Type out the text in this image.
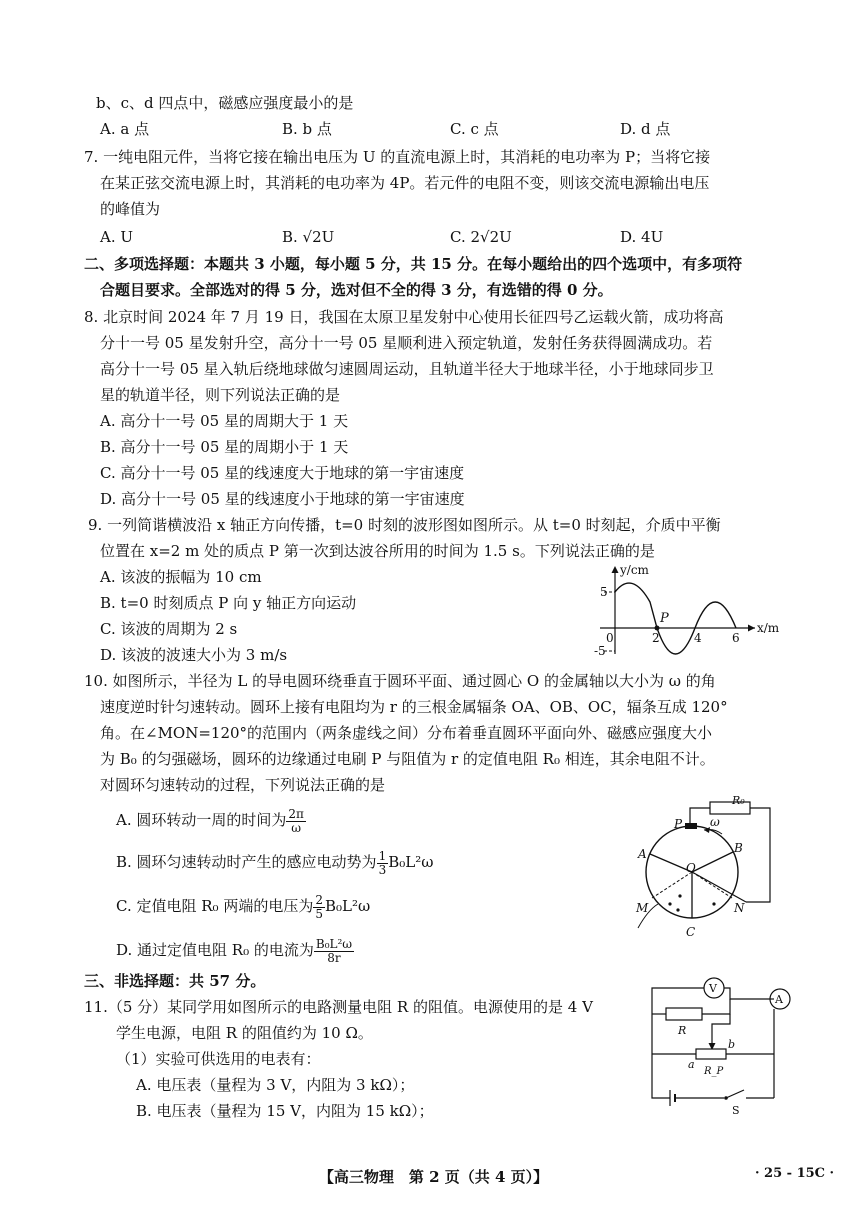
b、c、d 四点中，磁感应强度最小的是
A. a 点	B. b 点	C. c 点	D. d 点
7. 一纯电阻元件，当将它接在输出电压为 U 的直流电源上时，其消耗的电功率为 P；当将它接
在某正弦交流电源上时，其消耗的电功率为 4P。若元件的电阻不变，则该交流电源输出电压
的峰值为
A. U	B. √2U	C. 2√2U	D. 4U
二、多项选择题：本题共 3 小题，每小题 5 分，共 15 分。在每小题给出的四个选项中，有多项符
合题目要求。全部选对的得 5 分，选对但不全的得 3 分，有选错的得 0 分。
8. 北京时间 2024 年 7 月 19 日，我国在太原卫星发射中心使用长征四号乙运载火箭，成功将高
分十一号 05 星发射升空，高分十一号 05 星顺利进入预定轨道，发射任务获得圆满成功。若
高分十一号 05 星入轨后绕地球做匀速圆周运动，且轨道半径大于地球半径，小于地球同步卫
星的轨道半径，则下列说法正确的是
A. 高分十一号 05 星的周期大于 1 天
B. 高分十一号 05 星的周期小于 1 天
C. 高分十一号 05 星的线速度大于地球的第一宇宙速度
D. 高分十一号 05 星的线速度小于地球的第一宇宙速度
9. 一列简谐横波沿 x 轴正方向传播，t=0 时刻的波形图如图所示。从 t=0 时刻起，介质中平衡
位置在 x=2 m 处的质点 P 第一次到达波谷所用的时间为 1.5 s。下列说法正确的是
A. 该波的振幅为 10 cm
B. t=0 时刻质点 P 向 y 轴正方向运动
C. 该波的周期为 2 s
D. 该波的波速大小为 3 m/s
y/cm
x/m
5
-5
0	2	4	6
P
10. 如图所示，半径为 L 的导电圆环绕垂直于圆环平面、通过圆心 O 的金属轴以大小为 ω 的角
速度逆时针匀速转动。圆环上接有电阻均为 r 的三根金属辐条 OA、OB、OC，辐条互成 120°
角。在∠MON=120°的范围内（两条虚线之间）分布着垂直圆环平面向外、磁感应强度大小
为 B₀ 的匀强磁场，圆环的边缘通过电刷 P 与阻值为 r 的定值电阻 R₀ 相连，其余电阻不计。
对圆环匀速转动的过程，下列说法正确的是
A. 圆环转动一周的时间为 $\frac{2\pi}{\omega}$
B. 圆环匀速转动时产生的感应电动势为 $\frac{1}{3} B_0L^2\omega$
C. 定值电阻 R₀ 两端的电压为 $\frac{2}{5} B_0L^2\omega$
D. 通过定值电阻 R₀ 的电流为 $\frac{\text{B₀L²ω}}{8r}$
R₀
P ω
A	B
O
M	N
C
三、非选择题：共 57 分。
11.（5 分）某同学用如图所示的电路测量电阻 R 的阻值。电源使用的是 4 V
学生电源，电阻 R 的阻值约为 10 Ω。
（1）实验可供选用的电表有：
A. 电压表（量程为 3 V，内阻为 3 kΩ）；
B. 电压表（量程为 15 V，内阻为 15 kΩ）；
V
A
R
a
b
R_P
S
【高三物理　第 2 页（共 4 页）】	· 25 - 15C ·
